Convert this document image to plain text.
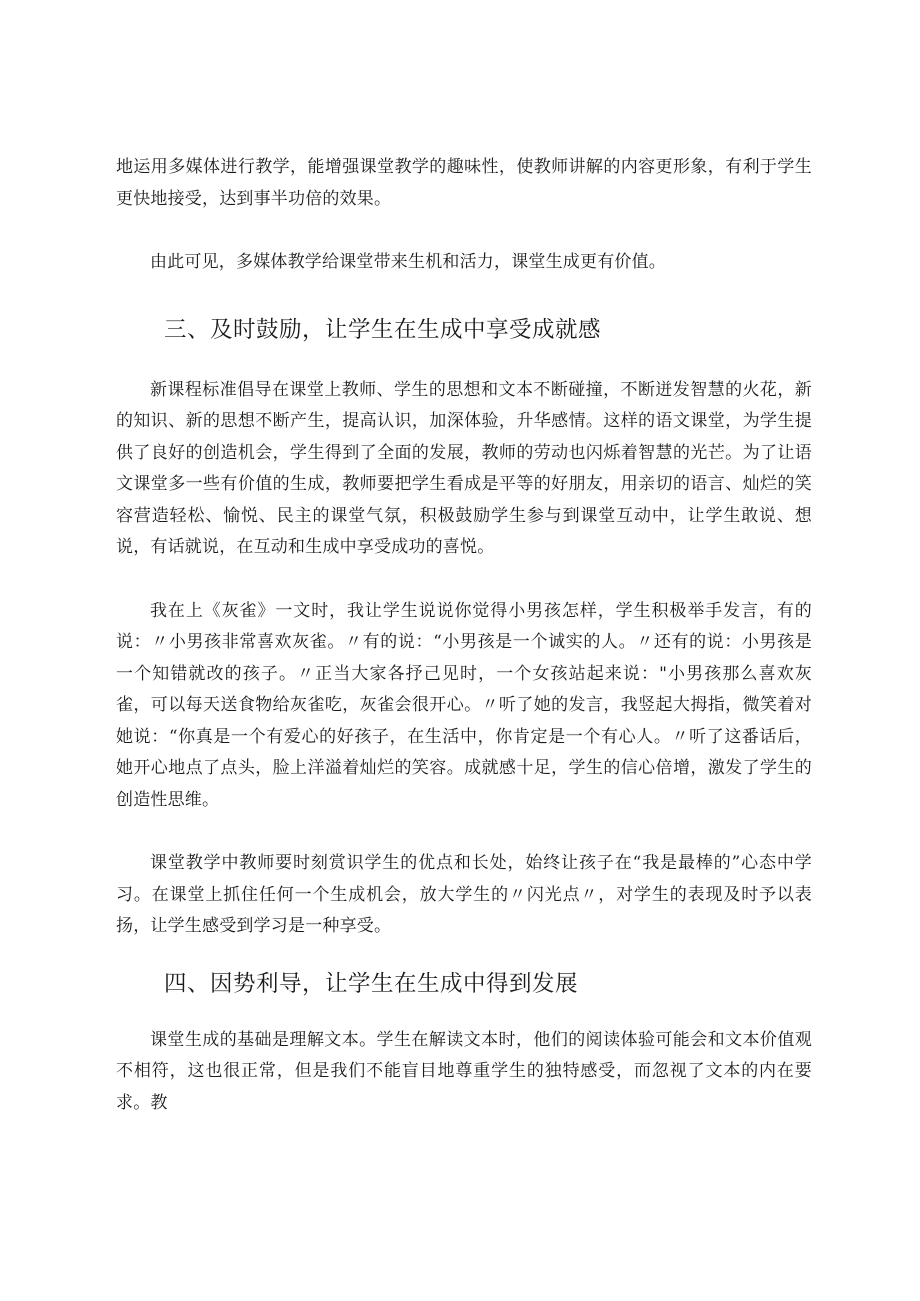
地运用多媒体进行教学，能增强课堂教学的趣味性，使教师讲解的内容更形象，有利于学生更快地接受，达到事半功倍的效果。

由此可见，多媒体教学给课堂带来生机和活力，课堂生成更有价值。

三、及时鼓励，让学生在生成中享受成就感

新课程标准倡导在课堂上教师、学生的思想和文本不断碰撞，不断迸发智慧的火花，新的知识、新的思想不断产生，提高认识，加深体验，升华感情。这样的语文课堂，为学生提供了良好的创造机会，学生得到了全面的发展，教师的劳动也闪烁着智慧的光芒。为了让语文课堂多一些有价值的生成，教师要把学生看成是平等的好朋友，用亲切的语言、灿烂的笑容营造轻松、愉悦、民主的课堂气氛，积极鼓励学生参与到课堂互动中，让学生敢说、想说，有话就说，在互动和生成中享受成功的喜悦。

我在上《灰雀》一文时，我让学生说说你觉得小男孩怎样，学生积极举手发言，有的说：〃小男孩非常喜欢灰雀。〃有的说：“小男孩是一个诚实的人。〃还有的说：小男孩是一个知错就改的孩子。〃正当大家各抒己见时，一个女孩站起来说："小男孩那么喜欢灰雀，可以每天送食物给灰雀吃，灰雀会很开心。〃听了她的发言，我竖起大拇指，微笑着对她说：“你真是一个有爱心的好孩子，在生活中，你肯定是一个有心人。〃听了这番话后，她开心地点了点头，脸上洋溢着灿烂的笑容。成就感十足，学生的信心倍增，激发了学生的创造性思维。

课堂教学中教师要时刻赏识学生的优点和长处，始终让孩子在“我是最棒的”心态中学习。在课堂上抓住任何一个生成机会，放大学生的〃闪光点〃，对学生的表现及时予以表扬，让学生感受到学习是一种享受。

四、因势利导，让学生在生成中得到发展

课堂生成的基础是理解文本。学生在解读文本时，他们的阅读体验可能会和文本价值观不相符，这也很正常，但是我们不能盲目地尊重学生的独特感受，而忽视了文本的内在要求。教
